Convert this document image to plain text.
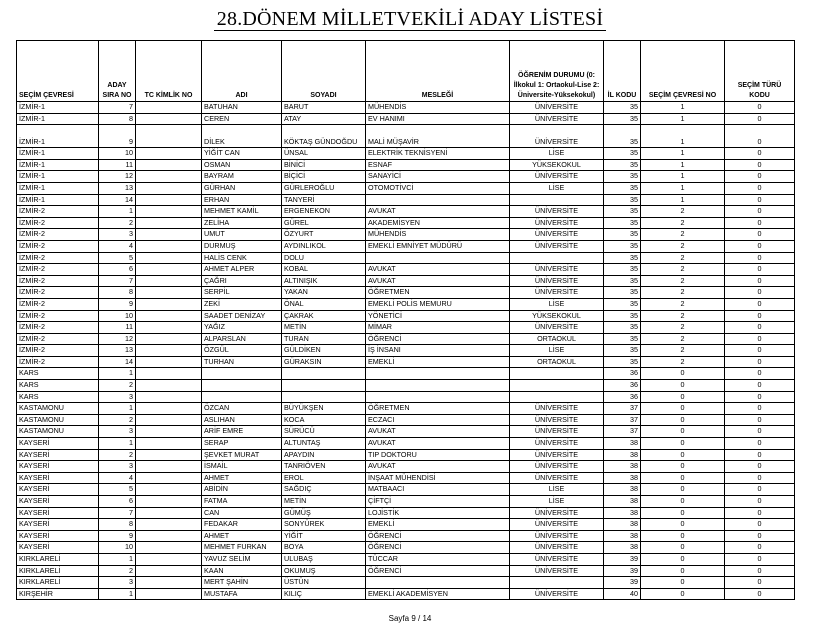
28.DÖNEM MİLLETVEKİLİ ADAY LİSTESİ
SEÇİM ÇEVRESİ	ADAY SIRA NO	TC KİMLİK NO	ADI	SOYADI	MESLEĞİ	ÖĞRENİM DURUMU (0: İlkokul 1: Ortaokul-Lise 2: Üniversite-Yüksekokul)	İL KODU	SEÇİM ÇEVRESİ NO	SEÇİM TÜRÜ KODU
İZMİR-1	7		BATUHAN	BARUT	MÜHENDİS	ÜNİVERSİTE	35	1	0
İZMİR-1	8		CEREN	ATAY	EV HANIMI	ÜNİVERSİTE	35	1	0
İZMİR-1	9		DİLEK	KÖKTAŞ GÜNDOĞDU	MALİ MÜŞAVİR	ÜNİVERSİTE	35	1	0
İZMİR-1	10		YİĞİT CAN	ÜNSAL	ELEKTRİK TEKNİSYENİ	LİSE	35	1	0
İZMİR-1	11		OSMAN	BİNİCİ	ESNAF	YÜKSEKOKUL	35	1	0
İZMİR-1	12		BAYRAM	BİÇİCİ	SANAYİCİ	ÜNİVERSİTE	35	1	0
İZMİR-1	13		GÜRHAN	GÜRLEROĞLU	OTOMOTİVCİ	LİSE	35	1	0
İZMİR-1	14		ERHAN	TANYERİ			35	1	0
İZMİR-2	1		MEHMET KAMİL	ERGENEKON	AVUKAT	ÜNİVERSİTE	35	2	0
İZMİR-2	2		ZELİHA	GÜREL	AKADEMİSYEN	ÜNİVERSİTE	35	2	0
İZMİR-2	3		UMUT	ÖZYURT	MÜHENDİS	ÜNİVERSİTE	35	2	0
İZMİR-2	4		DURMUŞ	AYDINLIKOL	EMEKLİ EMNİYET MÜDÜRÜ	ÜNİVERSİTE	35	2	0
İZMİR-2	5		HALİS CENK	DOLU			35	2	0
İZMİR-2	6		AHMET ALPER	KOBAL	AVUKAT	ÜNİVERSİTE	35	2	0
İZMİR-2	7		ÇAĞRI	ALTINIŞIK	AVUKAT	ÜNİVERSİTE	35	2	0
İZMİR-2	8		SERPİL	YAKAN	ÖĞRETMEN	ÜNİVERSİTE	35	2	0
İZMİR-2	9		ZEKİ	ÖNAL	EMEKLİ POLİS MEMURU	LİSE	35	2	0
İZMİR-2	10		SAADET DENİZAY	ÇAKRAK	YÖNETİCİ	YÜKSEKOKUL	35	2	0
İZMİR-2	11		YAĞIZ	METİN	MİMAR	ÜNİVERSİTE	35	2	0
İZMİR-2	12		ALPARSLAN	TURAN	ÖĞRENCİ	ORTAOKUL	35	2	0
İZMİR-2	13		ÖZGÜL	GÜLDİKEN	İŞ İNSANI	LİSE	35	2	0
İZMİR-2	14		TURHAN	GÜRAKSIN	EMEKLİ	ORTAOKUL	35	2	0
KARS	1						36	0	0
KARS	2						36	0	0
KARS	3						36	0	0
KASTAMONU	1		ÖZCAN	BÜYÜKŞEN	ÖĞRETMEN	ÜNİVERSİTE	37	0	0
KASTAMONU	2		ASLIHAN	KOCA	ECZACI	ÜNİVERSİTE	37	0	0
KASTAMONU	3		ARİF EMRE	SÜRÜCÜ	AVUKAT	ÜNİVERSİTE	37	0	0
KAYSERİ	1		SERAP	ALTUNTAŞ	AVUKAT	ÜNİVERSİTE	38	0	0
KAYSERİ	2		ŞEVKET MURAT	APAYDIN	TIP DOKTORU	ÜNİVERSİTE	38	0	0
KAYSERİ	3		İSMAİL	TANRIÖVEN	AVUKAT	ÜNİVERSİTE	38	0	0
KAYSERİ	4		AHMET	EROL	İNŞAAT MÜHENDİSİ	ÜNİVERSİTE	38	0	0
KAYSERİ	5		ABİDİN	SAĞDIÇ	MATBAACI	LİSE	38	0	0
KAYSERİ	6		FATMA	METİN	ÇİFTÇİ	LİSE	38	0	0
KAYSERİ	7		CAN	GÜMÜŞ	LOJİSTİK	ÜNİVERSİTE	38	0	0
KAYSERİ	8		FEDAKAR	SONYÜREK	EMEKLİ	ÜNİVERSİTE	38	0	0
KAYSERİ	9		AHMET	YİĞİT	ÖĞRENCİ	ÜNİVERSİTE	38	0	0
KAYSERİ	10		MEHMET FURKAN	BOYA	ÖĞRENCİ	ÜNİVERSİTE	38	0	0
KIRKLARELİ	1		YAVUZ SELİM	ULUBAŞ	TÜCCAR	ÜNİVERSİTE	39	0	0
KIRKLARELİ	2		KAAN	OKUMUŞ	ÖĞRENCİ	ÜNİVERSİTE	39	0	0
KIRKLARELİ	3		MERT ŞAHİN	ÜSTÜN			39	0	0
KIRŞEHİR	1		MUSTAFA	KILIÇ	EMEKLİ AKADEMİSYEN	ÜNİVERSİTE	40	0	0
Sayfa 9 / 14
